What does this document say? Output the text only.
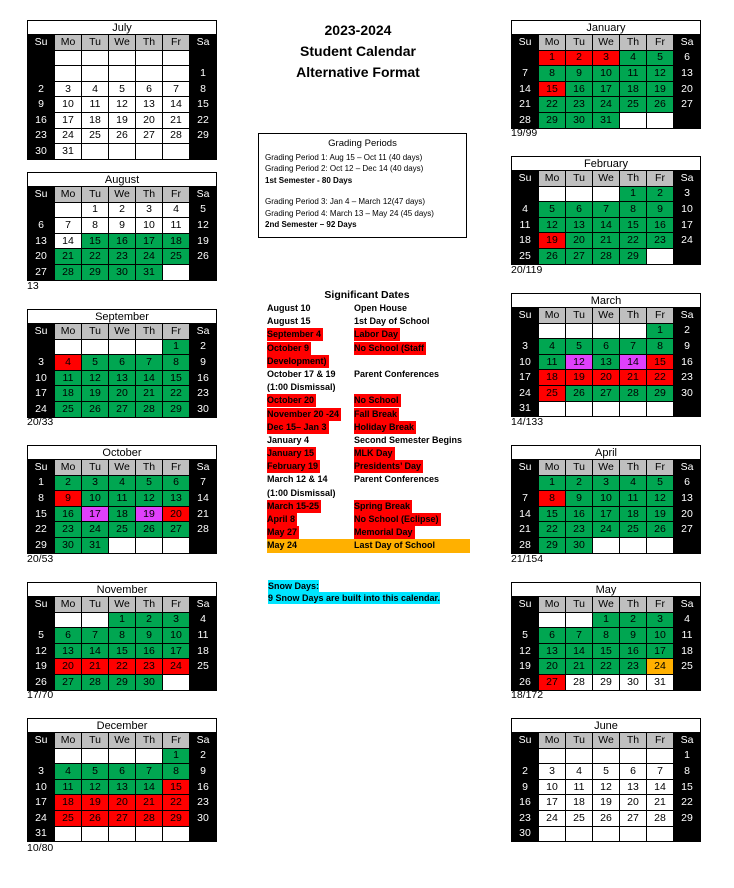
2023-2024
Student Calendar
Alternative Format
July						
Su	Mo	Tu	We	Th	Fr	Sa

						1
2	3	4	5	6	7	8
9	10	11	12	13	14	15
16	17	18	19	20	21	22
23	24	25	26	27	28	29
30	31					
August						
Su	Mo	Tu	We	Th	Fr	Sa
		1	2	3	4	5
6	7	8	9	10	11	12
13	14	15	16	17	18	19
20	21	22	23	24	25	26
27	28	29	30	31		
13
September						
Su	Mo	Tu	We	Th	Fr	Sa
					1	2
3	4	5	6	7	8	9
10	11	12	13	14	15	16
17	18	19	20	21	22	23
24	25	26	27	28	29	30
20/33
October						
Su	Mo	Tu	We	Th	Fr	Sa
1	2	3	4	5	6	7
8	9	10	11	12	13	14
15	16	17	18	19	20	21
22	23	24	25	26	27	28
29	30	31				
20/53
November						
Su	Mo	Tu	We	Th	Fr	Sa
			1	2	3	4
5	6	7	8	9	10	11
12	13	14	15	16	17	18
19	20	21	22	23	24	25
26	27	28	29	30		
17/70
December						
Su	Mo	Tu	We	Th	Fr	Sa
					1	2
3	4	5	6	7	8	9
10	11	12	13	14	15	16
17	18	19	20	21	22	23
24	25	26	27	28	29	30
31						
10/80
January						
Su	Mo	Tu	We	Th	Fr	Sa
	1	2	3	4	5	6
7	8	9	10	11	12	13
14	15	16	17	18	19	20
21	22	23	24	25	26	27
28	29	30	31			
19/99
February						
Su	Mo	Tu	We	Th	Fr	Sa
				1	2	3
4	5	6	7	8	9	10
11	12	13	14	15	16	17
18	19	20	21	22	23	24
25	26	27	28	29		
20/119
March						
Su	Mo	Tu	We	Th	Fr	Sa
					1	2
3	4	5	6	7	8	9
10	11	12	13	14	15	16
17	18	19	20	21	22	23
24	25	26	27	28	29	30
31						
14/133
April						
Su	Mo	Tu	We	Th	Fr	Sa
	1	2	3	4	5	6
7	8	9	10	11	12	13
14	15	16	17	18	19	20
21	22	23	24	25	26	27
28	29	30				
21/154
May						
Su	Mo	Tu	We	Th	Fr	Sa
			1	2	3	4
5	6	7	8	9	10	11
12	13	14	15	16	17	18
19	20	21	22	23	24	25
26	27	28	29	30	31	
18/172
June						
Su	Mo	Tu	We	Th	Fr	Sa
						1
2	3	4	5	6	7	8
9	10	11	12	13	14	15
16	17	18	19	20	21	22
23	24	25	26	27	28	29
30						
Grading Periods
Grading Period 1: Aug 15 – Oct 11 (40 days)
Grading Period 2: Oct 12 – Dec 14 (40 days)
1st Semester - 80 Days
Grading Period 3: Jan 4 – March 12(47 days)
Grading Period 4: March 13 – May 24 (45 days)
2nd Semester – 92 Days
Significant Dates
August 10	Open House
August 15	1st Day of School
September 4	Labor Day
October 9	No School (Staff
Development)
October 17 & 19	Parent Conferences
(1:00 Dismissal)
October 20	No School
November 20 -24	Fall Break
Dec 15– Jan 3	Holiday Break
January 4	Second Semester Begins
January 15	MLK Day
February 19	Presidents’ Day
March 12 & 14	Parent Conferences
(1:00 Dismissal)
March 15-25	Spring Break
April 8	No School (Eclipse)
May 27	Memorial Day
May 24	Last Day of School
Snow Days:
9 Snow Days are built into this calendar.
